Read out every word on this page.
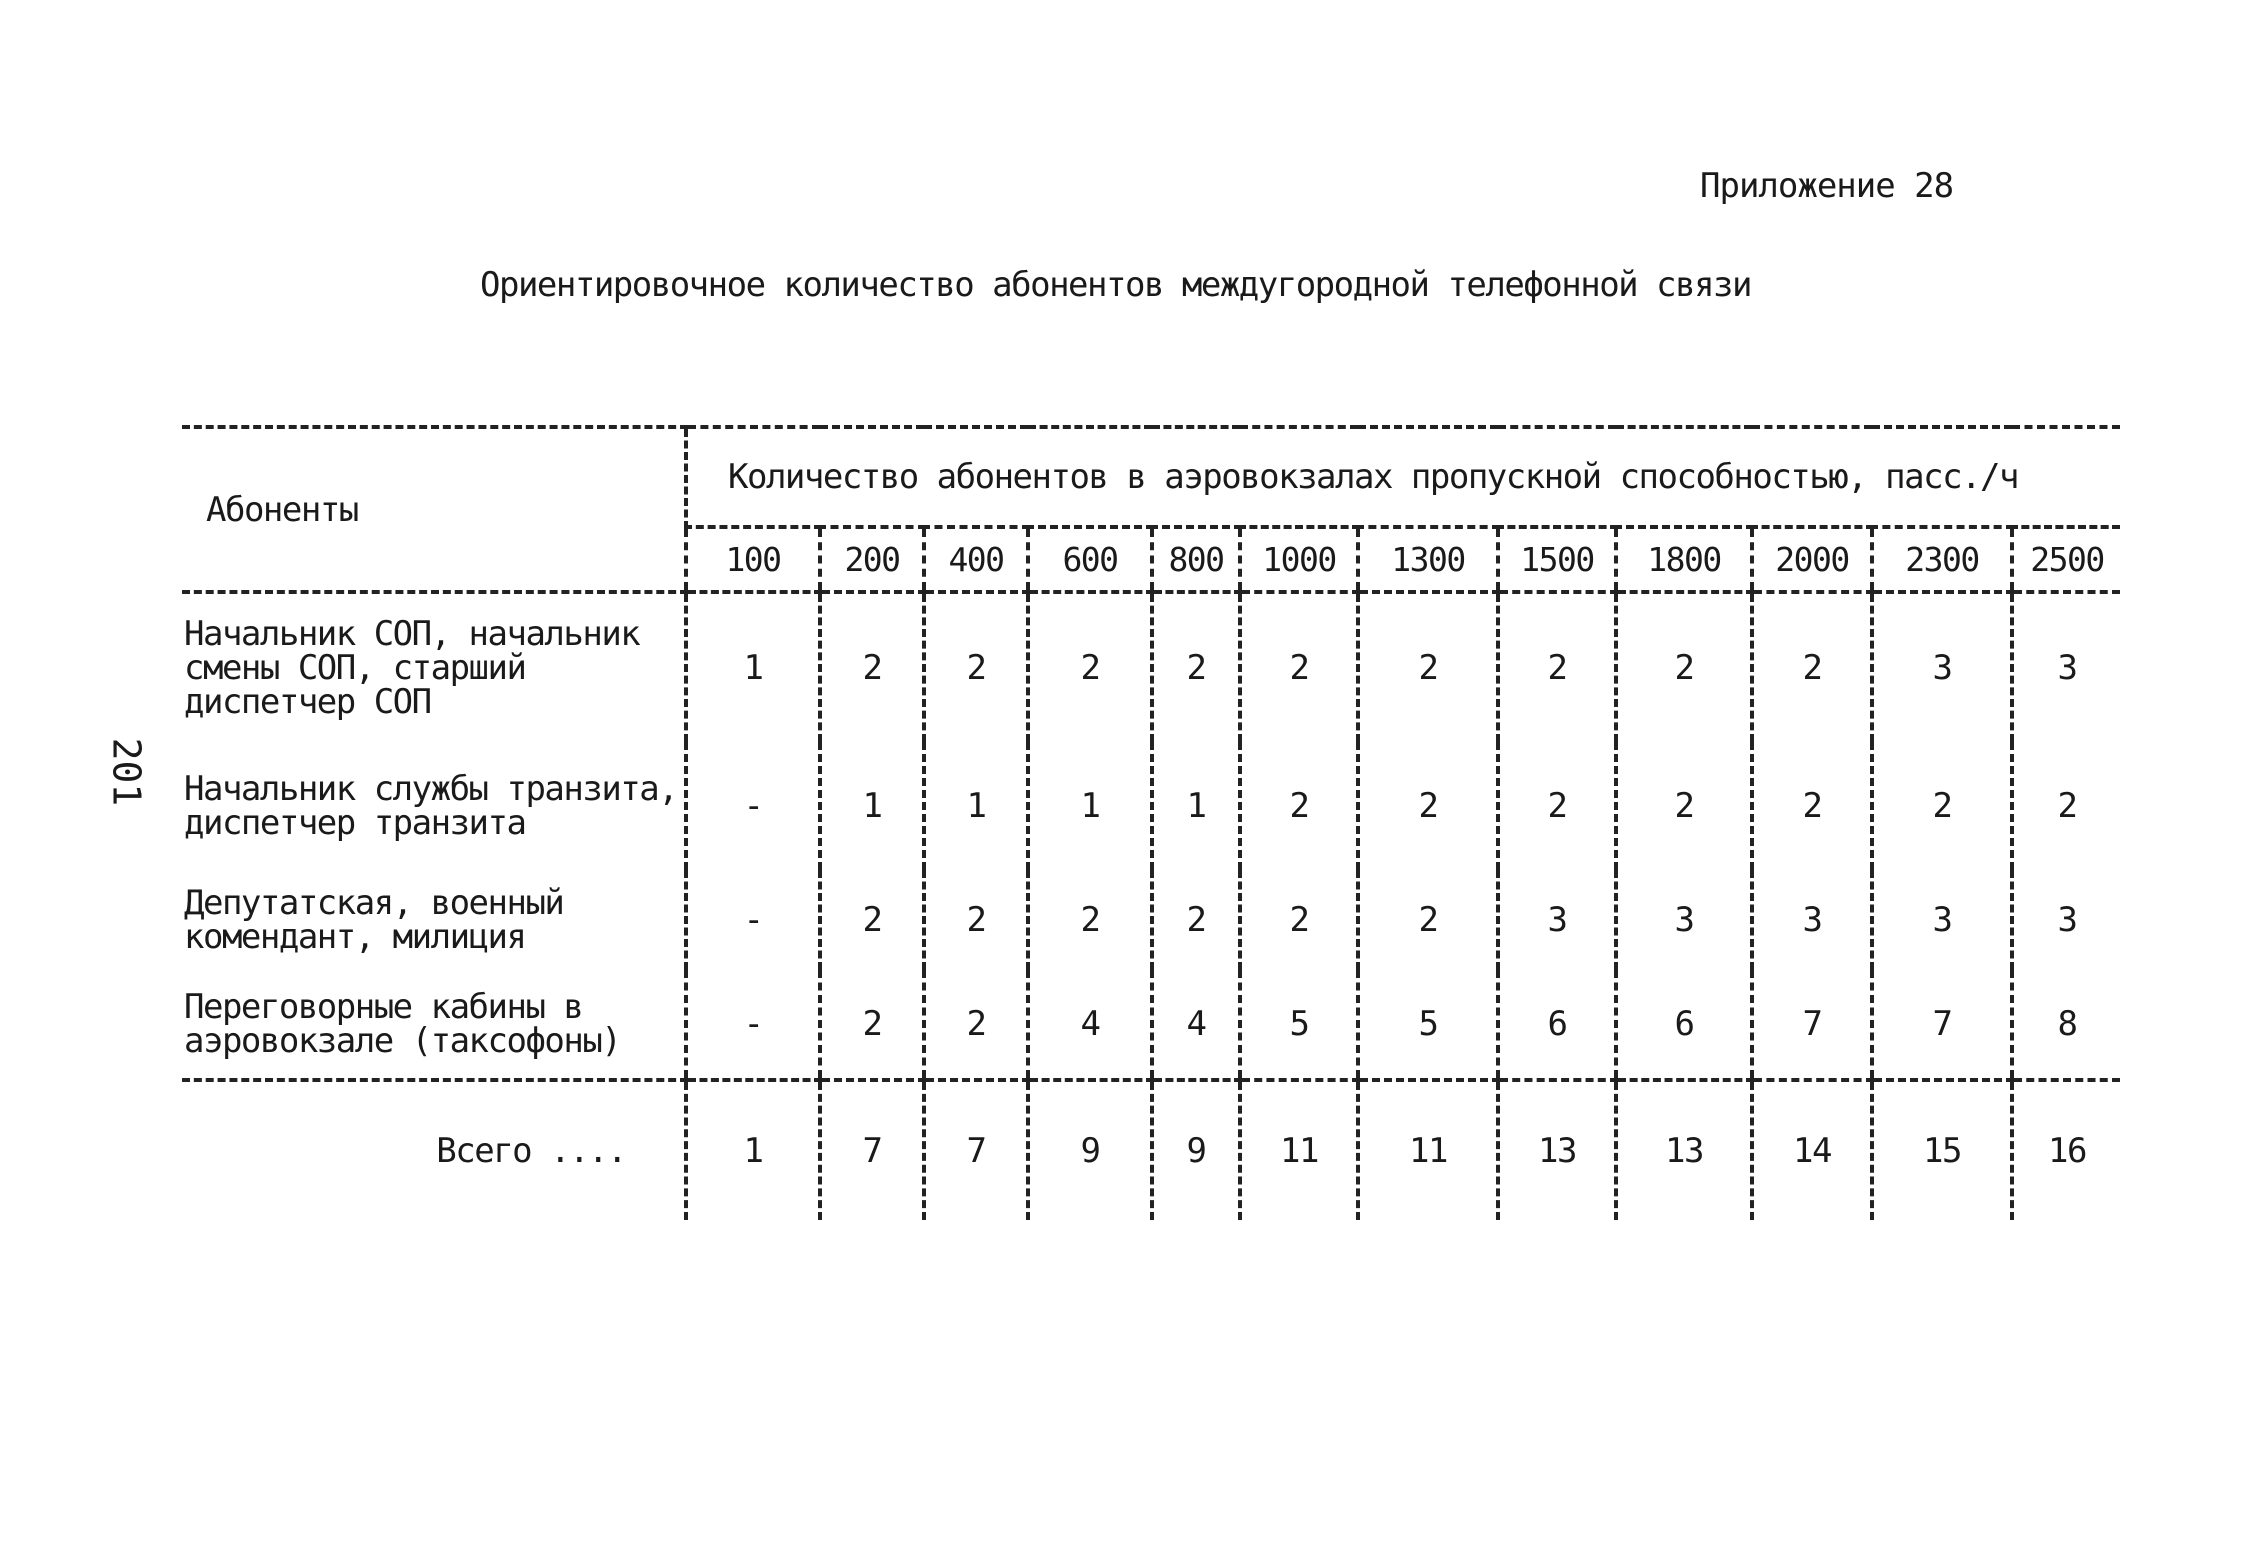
Приложение 28
Ориентировочное количество абонентов междугородной телефонной связи
201
Абоненты	Количество абонентов в аэровокзалах пропускной способностью, пасс./ч											
	100	200	400	600	800	1000	1300	1500	1800	2000	2300	2500
Начальник СОП, начальник смены СОП, старший диспетчер СОП	1	2	2	2	2	2	2	2	2	2	3	3
Начальник службы транзита, диспетчер транзита	-	1	1	1	1	2	2	2	2	2	2	2
Депутатская, военный комендант, милиция	-	2	2	2	2	2	2	3	3	3	3	3
Переговорные кабины в аэровокзале (таксофоны)	-	2	2	4	4	5	5	6	6	7	7	8
Всего ....	1	7	7	9	9	11	11	13	13	14	15	16
